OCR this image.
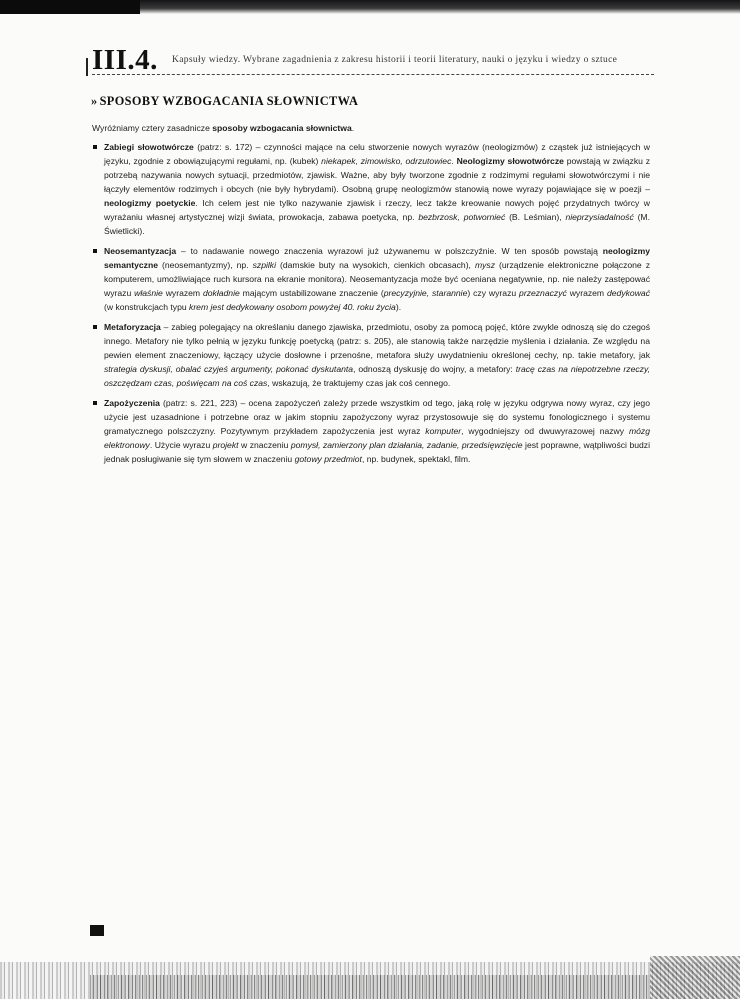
III.4. Kapsuły wiedzy. Wybrane zagadnienia z zakresu historii i teorii literatury, nauki o języku i wiedzy o sztuce
» SPOSOBY WZBOGACANIA SŁOWNICTWA

Wyróżniamy cztery zasadnicze sposoby wzbogacania słownictwa.

Zabiegi słowotwórcze (patrz: s. 172) – czynności mające na celu stworzenie nowych wyrazów (neologizmów) z cząstek już istniejących w języku, zgodnie z obowiązującymi regułami, np. (kubek) niekapek, zimowisko, odrzutowiec. Neologizmy słowotwórcze powstają w związku z potrzebą nazywania nowych sytuacji, przedmiotów, zjawisk. Ważne, aby były tworzone zgodnie z rodzimymi regułami słowotwórczymi i nie łączyły elementów rodzimych i obcych (nie były hybrydami). Osobną grupę neologizmów stanowią nowe wyrazy pojawiające się w poezji – neologizmy poetyckie. Ich celem jest nie tylko nazywanie zjawisk i rzeczy, lecz także kreowanie nowych pojęć przydatnych twórcy w wyrażaniu własnej artystycznej wizji świata, prowokacja, zabawa poetycka, np. bezbrzosk, potwornieć (B. Leśmian), nieprzysiadalność (M. Świetlicki).

Neosemantyzacja – to nadawanie nowego znaczenia wyrazowi już używanemu w polszczyźnie. W ten sposób powstają neologizmy semantyczne (neosemantyzmy), np. szpilki (damskie buty na wysokich, cienkich obcasach), mysz (urządzenie elektroniczne połączone z komputerem, umożliwiające ruch kursora na ekranie monitora). Neosemantyzacja może być oceniana negatywnie, np. nie należy zastępować wyrazu właśnie wyrazem dokładnie mającym ustabilizowane znaczenie (precyzyjnie, starannie) czy wyrazu przeznaczyć wyrazem dedykować (w konstrukcjach typu krem jest dedykowany osobom powyżej 40. roku życia).

Metaforyzacja – zabieg polegający na określaniu danego zjawiska, przedmiotu, osoby za pomocą pojęć, które zwykle odnoszą się do czegoś innego. Metafory nie tylko pełnią w języku funkcję poetycką (patrz: s. 205), ale stanowią także narzędzie myślenia i działania. Ze względu na pewien element znaczeniowy, łączący użycie dosłowne i przenośne, metafora służy uwydatnieniu określonej cechy, np. takie metafory, jak strategia dyskusji, obalać czyjeś argumenty, pokonać dyskutanta, odnoszą dyskusję do wojny, a metafory: tracę czas na niepotrzebne rzeczy, oszczędzam czas, poświęcam na coś czas, wskazują, że traktujemy czas jak coś cennego.

Zapożyczenia (patrz: s. 221, 223) – ocena zapożyczeń zależy przede wszystkim od tego, jaką rolę w języku odgrywa nowy wyraz, czy jego użycie jest uzasadnione i potrzebne oraz w jakim stopniu zapożyczony wyraz przystosowuje się do systemu fonologicznego i systemu gramatycznego polszczyzny. Pozytywnym przykładem zapożyczenia jest wyraz komputer, wygodniejszy od dwuwyrazowej nazwy mózg elektronowy. Użycie wyrazu projekt w znaczeniu pomysł, zamierzony plan działania, zadanie, przedsięwzięcie jest poprawne, wątpliwości budzi jednak posługiwanie się tym słowem w znaczeniu gotowy przedmiot, np. budynek, spektakl, film.
